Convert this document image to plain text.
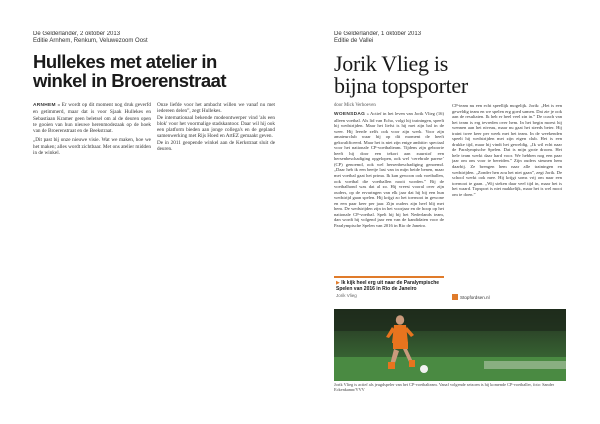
De Gelderlander, 2 oktober 2013
Editie Arnhem, Renkum, Veluwezoom Oost
Hullekes met atelier in
winkel in Broerenstraat

ARNHEM » Er wordt op dit moment nog druk geverfd en getimmerd, maar dat is voor Sjaak Hullekes en Sebastiaan Kramer geen beletsel om al de deuren open te gooien van hun nieuwe herenmodezaak op de hoek van de Broerenstraat en de Beekstraat.

„Dit past bij onze nieuwe visie. Wat we maken, hoe we het maken; alles wordt zichtbaar. Met ons atelier midden in de winkel.

Onze liefde voor het ambacht willen we vanaf nu met iedereen delen”, zegt Hullekes.

De internationaal bekende modeontwerper vind 'als een blok' voor het voormalige stadskantoor. Daar wil hij ook een platform bieden aan jonge collega's en de gepland samenwerking met Rijs Hoed en ArtEZ gemaakt geven.

De in 2011 geopende winkel aan de Kerkstraat sluit de deuren.

De Gelderlander, 1 oktober 2013
Editie de Vallei
Jorik Vlieg is
bijna topsporter
door Mick Verhoeven
WOENSDAG » Actief in het leven van Jorik Vlieg (16) alleen voetbal. Als lid van Echo, volgt hij trainingen, speelt hij wedstrijden. Maar het liefst is hij met zijn bal in de weer. Hij leerde zelfs ook voor zijn werk. Voor zijn amateurclub waar hij op dit moment de heeft gekwalificeerd. Maar het is niet zijn enige ambitie: speciaal voor het nationale CP-voetbalteam. Tijdens zijn geboorte heeft hij door een tekort aan zuurstof een hersenbeschadiging opgelopen, ook wel ‘cerebrale parese’ (CP) genoemd, ook wel hersenbeschadiging genoemd. „Daar heb ik een beetje last van in mijn beide benen, maar met voetbal gaat het prima. Ik kan gewoon ook voetballen, ook voetbal die voetballen nooit worden.” Bij de voetbalhond was dat al zo. Hij vreest vooral over zijn ouders, op de ervaringen van elk jaar dat hij bij een hun wedstrijd gaan spelen. Hij krijgt zo het toernooi in gewone en een paar keer per jaar. Zijn ouders zijn heel blij met hem. De wedstrijden zijn in het voorjaar en de hoop op het nationale CP-voetbal. Spelt hij bij het Nederlands team, dan wordt hij volgend jaar een van de kandidaten voor de Paralympische Spelen van 2016 in Rio de Janeiro.
CP-team nu een echt speellijk mogelijk. Jorik: „Het is een geweldig team en we spelen erg goed samen. Dat zie je ook aan de resultaten. Ik heb er heel veel zin in.” De coach van het team is erg tevreden over hem. In het begin moest hij wennen aan het niveau, maar nu gaat het steeds beter. Hij traint twee keer per week met het team. In de weekenden speelt hij wedstrijden met zijn eigen club. Het is een drukke tijd, maar hij vindt het geweldig. „Ik wil echt naar de Paralympische Spelen. Dat is mijn grote droom. Het hele team werkt daar hard voor. We hebben nog een paar jaar om ons voor te bereiden.” Zijn ouders steunen hem daarbij. Ze brengen hem naar alle trainingen en wedstrijden. „Zonder hen zou het niet gaan”, zegt Jorik. De school werkt ook mee. Hij krijgt soms vrij om naar een toernooi te gaan. „Wij steken daar veel tijd in, maar het is het waard. Topsport is niet makkelijk, maar het is wel mooi om te doen.”
▶ Ik kijk heel erg uit naar de Paralympische Spelen van 2016 in Rio de Janeiro
Jorik Vlieg	Stopfordsen.nl
Jorik Vlieg is actief als jeugdspeler van het CP-voetbalteam. Vanaf volgende seizoen is hij komende CP-voetballer, foto: Sander Eckenkamp/VVV
